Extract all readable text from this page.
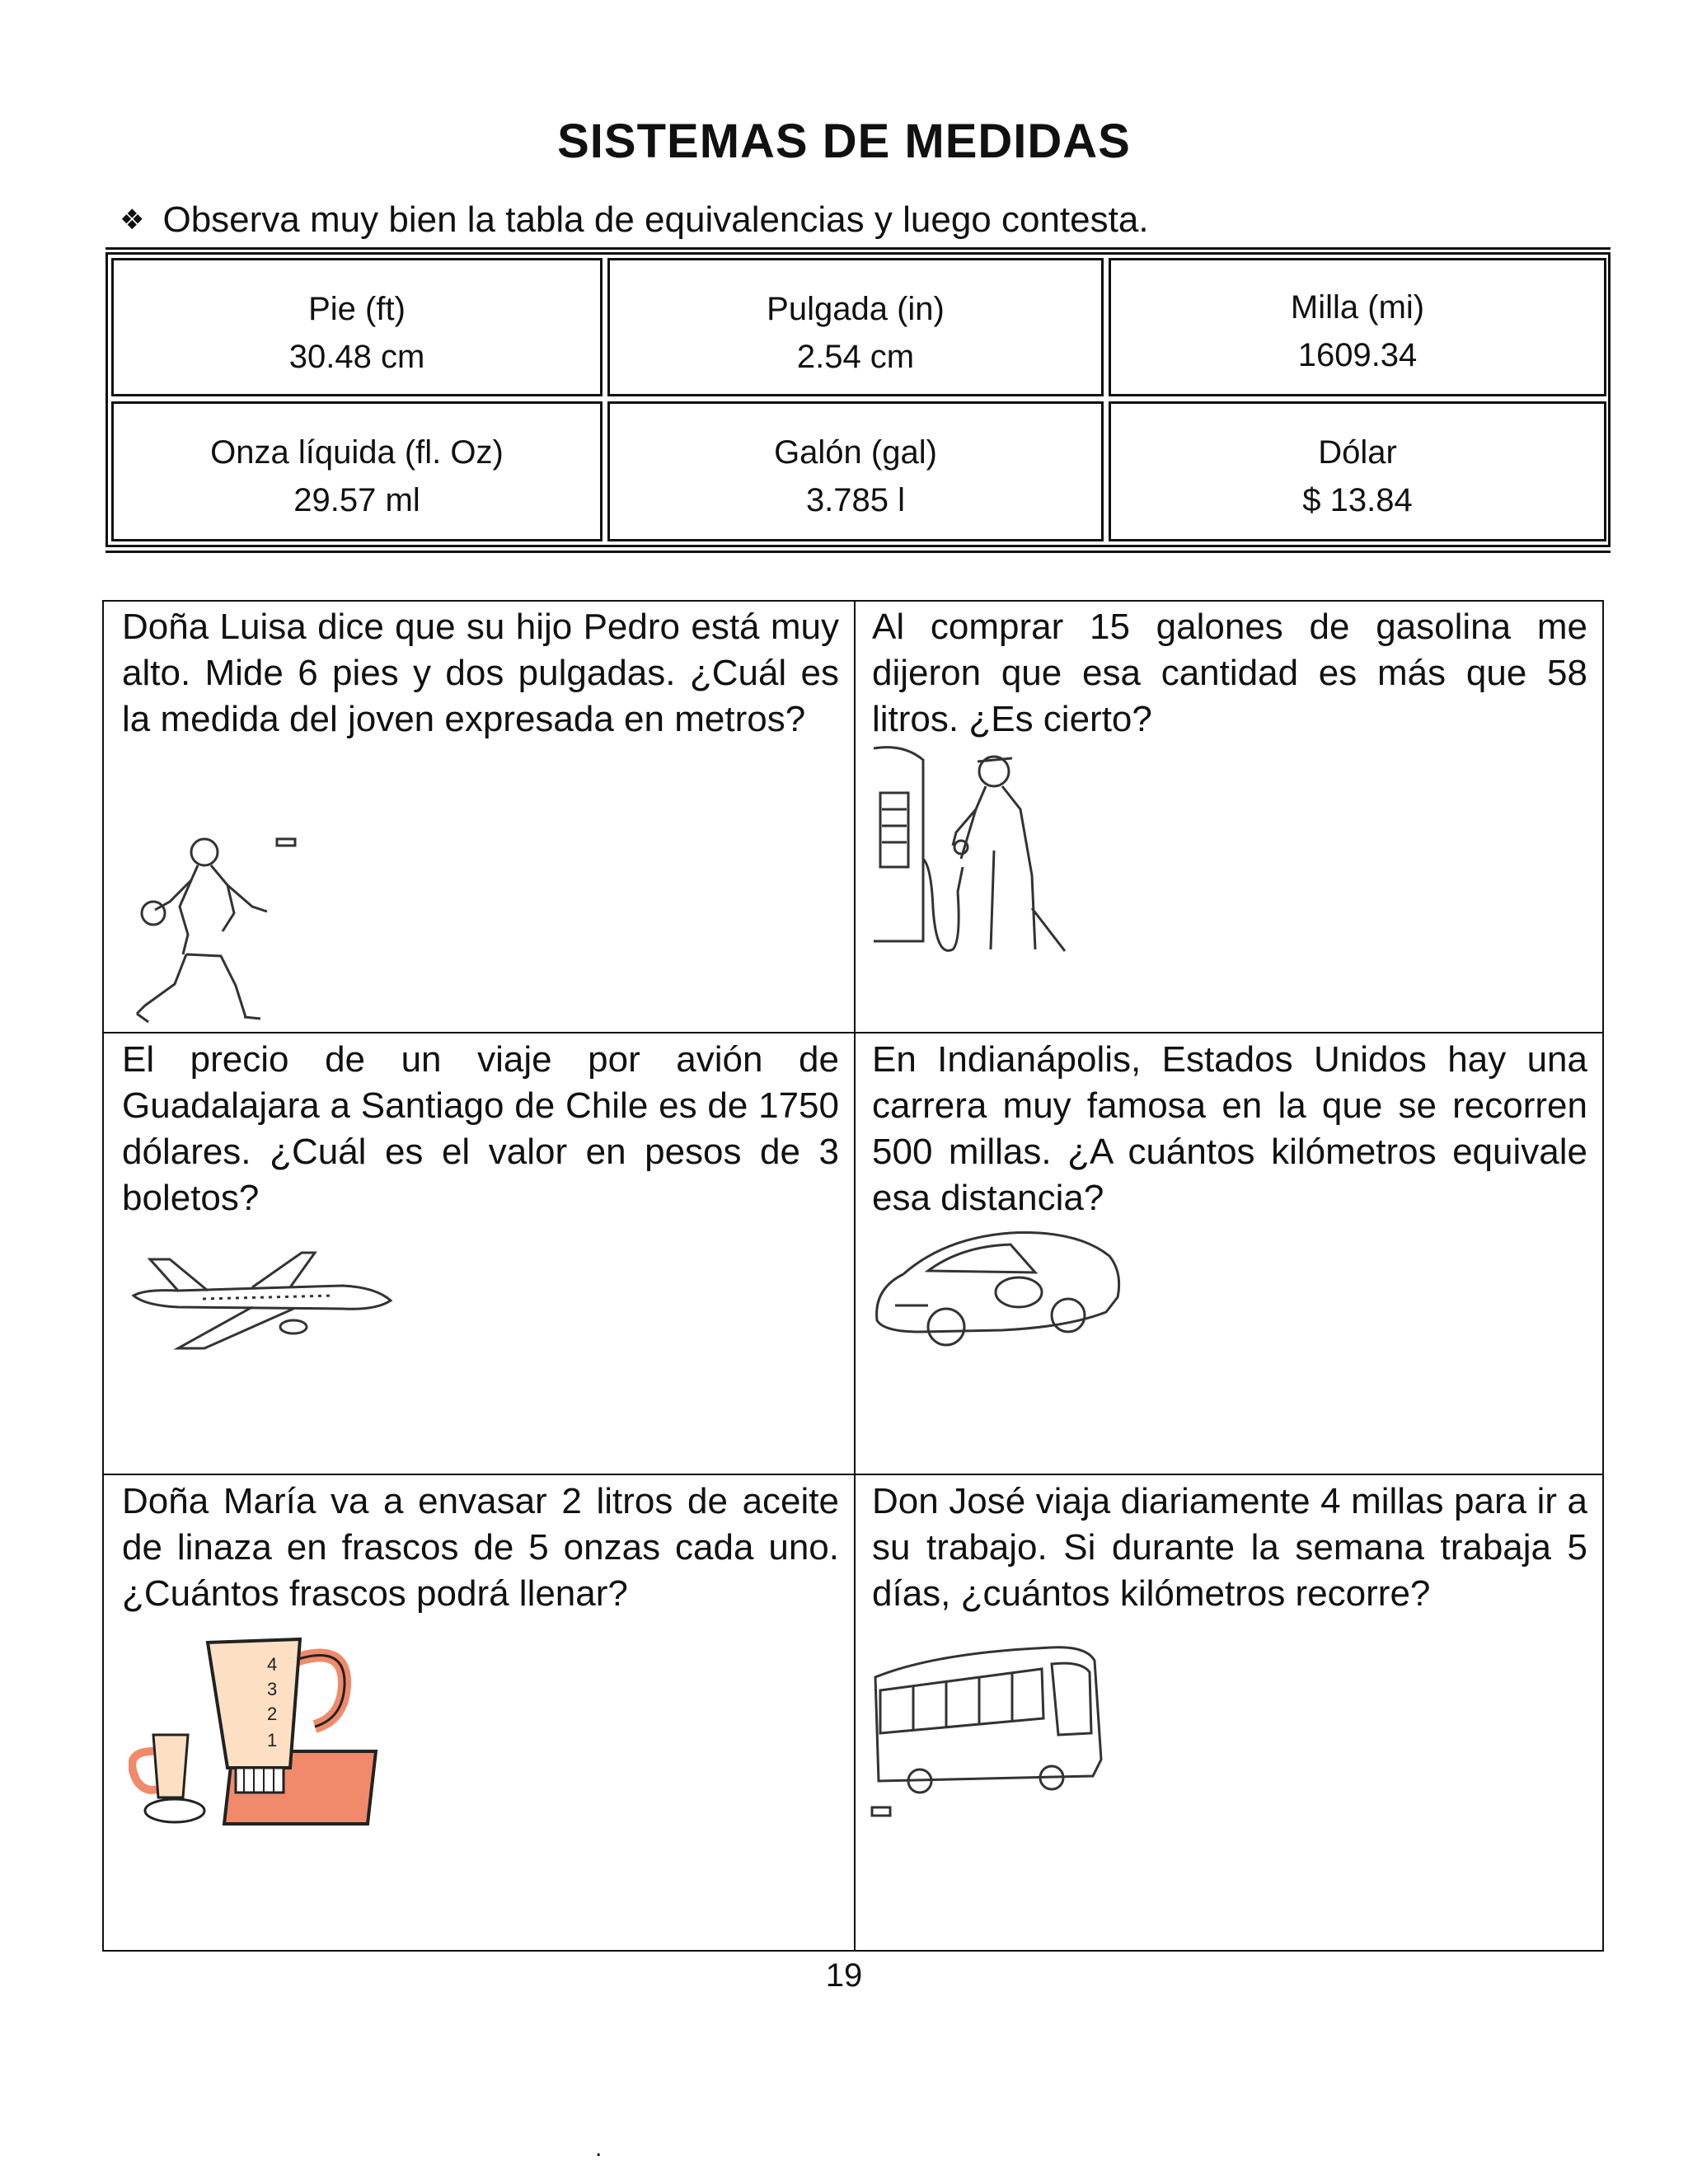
SISTEMAS DE MEDIDAS
❖ Observa muy bien la tabla de equivalencias y luego contesta.
Pie (ft)
30.48 cm
Pulgada (in)
2.54 cm
Milla (mi)
1609.34
Onza líquida (fl. Oz)
29.57 ml
Galón (gal)
3.785 l
Dólar
$ 13.84

Doña Luisa dice que su hijo Pedro está muy alto. Mide 6 pies y dos pulgadas. ¿Cuál es la medida del joven expresada en metros?

Al comprar 15 galones de gasolina me dijeron que esa cantidad es más que 58 litros. ¿Es cierto?

El precio de un viaje por avión de Guadalajara a Santiago de Chile es de 1750 dólares. ¿Cuál es el valor en pesos de 3 boletos?

En Indianápolis, Estados Unidos hay una carrera muy famosa en la que se recorren 500 millas. ¿A cuántos kilómetros equivale esa distancia?

Doña María va a envasar 2 litros de aceite de linaza en frascos de 5 onzas cada uno. ¿Cuántos frascos podrá llenar?

4
3
2
1

Don José viaja diariamente 4 millas para ir a su trabajo. Si durante la semana trabaja 5 días, ¿cuántos kilómetros recorre?

19
.
